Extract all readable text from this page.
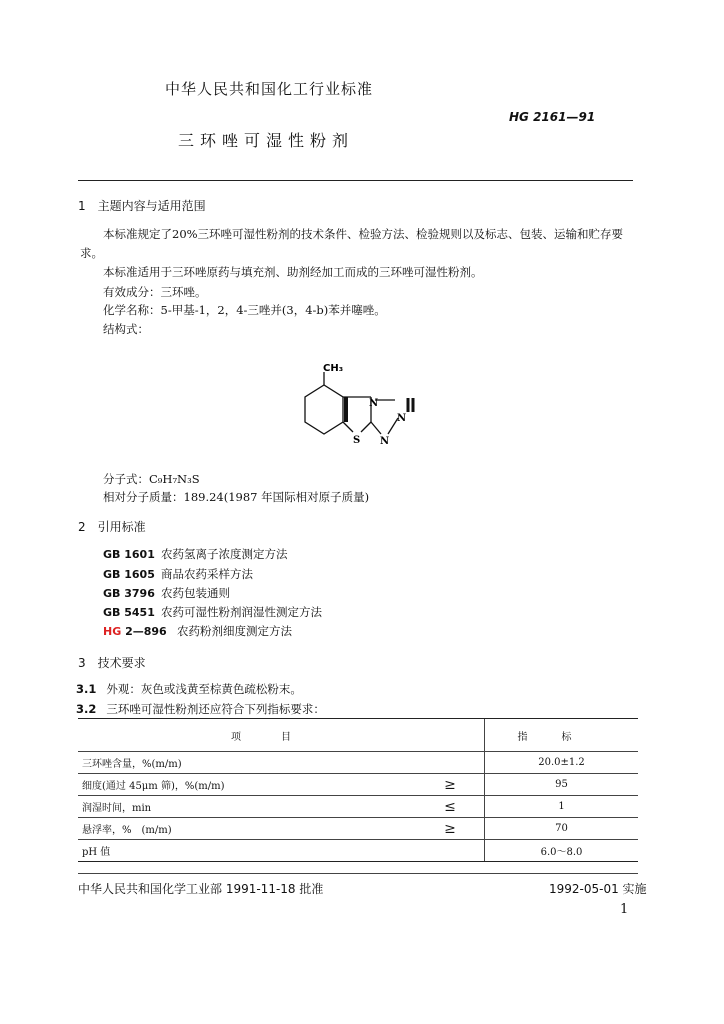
中华人民共和国化工行业标准
HG 2161—91
三环唑可湿性粉剂
1　主题内容与适用范围
本标准规定了20%三环唑可湿性粉剂的技术条件、检验方法、检验规则以及标志、包装、运输和贮存要求。
本标准适用于三环唑原药与填充剂、助剂经加工而成的三环唑可湿性粉剂。
有效成分：三环唑。
化学名称：5-甲基-1，2，4-三唑并(3，4-b)苯并噻唑。
结构式：
CH₃
N
N
N
S
分子式：C₉H₇N₃S
相对分子质量：189.24(1987 年国际相对原子质量)
2　引用标准
GB 1601 农药氢离子浓度测定方法
GB 1605 商品农药采样方法
GB 3796 农药包装通则
GB 5451 农药可湿性粉剂润湿性测定方法
HG 2—896 农药粉剂细度测定方法
3　技术要求
3.1 外观：灰色或浅黄至棕黄色疏松粉末。
3.2 三环唑可湿性粉剂还应符合下列指标要求：
项目		指标
三环唑含量，%(m/m)		20.0±1.2
细度(通过 45μm 筛)，%(m/m)	≥	95
润湿时间，min	≤	1
悬浮率，%　(m/m)	≥	70
pH 值		6.0～8.0
中华人民共和国化学工业部 1991-11-18 批准	1992-05-01 实施
1
